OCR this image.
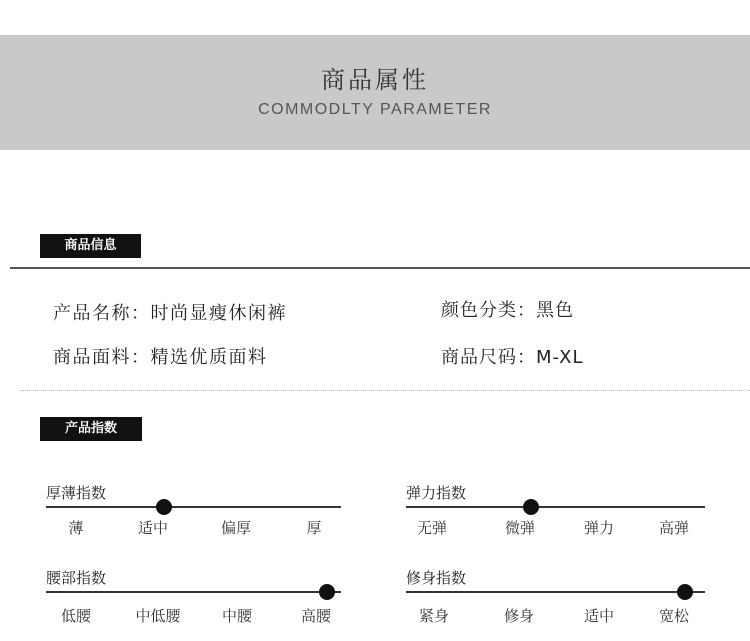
商品属性
COMMODLTY PARAMETER
商品信息
产品名称：时尚显瘦休闲裤
商品面料：精选优质面料
颜色分类：黑色
商品尺码：M-XL
产品指数
厚薄指数
薄	适中	偏厚	厚
弹力指数
无弹	微弹	弹力	高弹
腰部指数
低腰	中低腰	中腰	高腰
修身指数
紧身	修身	适中	宽松
